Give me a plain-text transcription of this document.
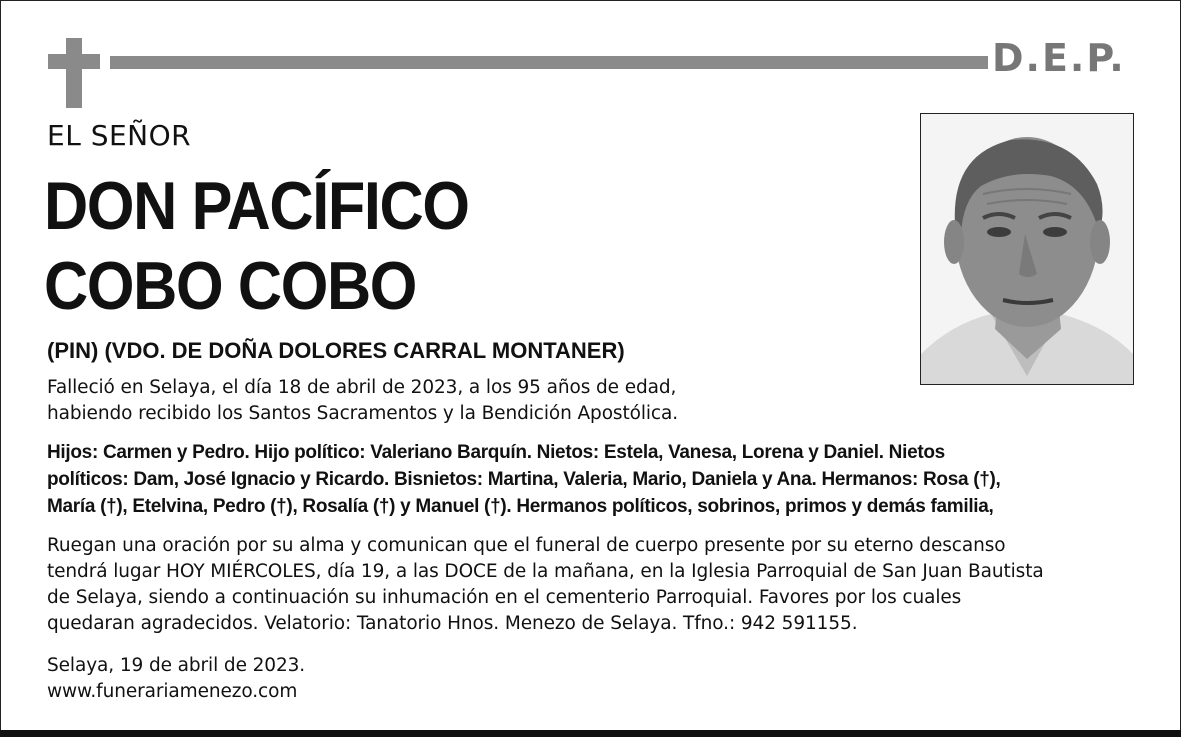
D.E.P.
EL SEÑOR
DON PACÍFICO
COBO COBO
(PIN) (VDO. DE DOÑA DOLORES CARRAL MONTANER)
Falleció en Selaya, el día 18 de abril de 2023, a los 95 años de edad,
habiendo recibido los Santos Sacramentos y la Bendición Apostólica.
Hijos: Carmen y Pedro. Hijo político: Valeriano Barquín. Nietos: Estela, Vanesa, Lorena y Daniel. Nietos
políticos: Dam, José Ignacio y Ricardo. Bisnietos: Martina, Valeria, Mario, Daniela y Ana. Hermanos: Rosa (†),
María (†), Etelvina, Pedro (†), Rosalía (†) y Manuel (†). Hermanos políticos, sobrinos, primos y demás familia,
Ruegan una oración por su alma y comunican que el funeral de cuerpo presente por su eterno descanso
tendrá lugar HOY MIÉRCOLES, día 19, a las DOCE de la mañana, en la Iglesia Parroquial de San Juan Bautista
de Selaya, siendo a continuación su inhumación en el cementerio Parroquial. Favores por los cuales
quedaran agradecidos. Velatorio: Tanatorio Hnos. Menezo de Selaya. Tfno.: 942 591155.
Selaya, 19 de abril de 2023.
www.funerariamenezo.com
